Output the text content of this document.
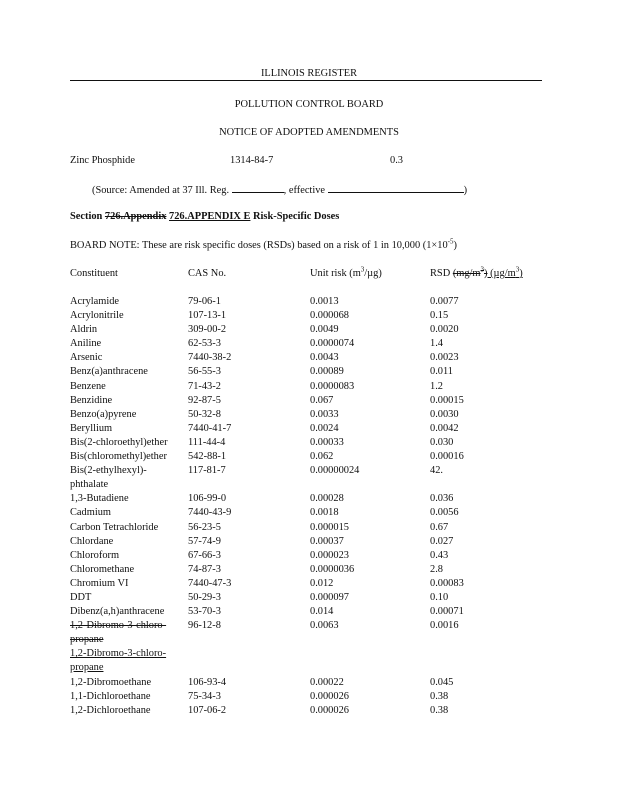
ILLINOIS REGISTER
POLLUTION CONTROL BOARD
NOTICE OF ADOPTED AMENDMENTS
Zinc Phosphide	1314-84-7	0.3
(Source: Amended at 37 Ill. Reg.	, effective	)
Section 726.Appendix 726.APPENDIX E Risk-Specific Doses
BOARD NOTE: These are risk specific doses (RSDs) based on a risk of 1 in 10,000 $(1\times 10^{-5})$
Constituent	CAS No.	Unit risk $(m^3/\mu g)$	RSD $(mg/m^3)$ $(\mu g/m^3)$
Acrylamide	79-06-1	0.0013	0.0077
Acrylonitrile	107-13-1	0.000068	0.15
Aldrin	309-00-2	0.0049	0.0020
Aniline	62-53-3	0.0000074	1.4
Arsenic	7440-38-2	0.0043	0.0023
Benz(a)anthracene	56-55-3	0.00089	0.011
Benzene	71-43-2	0.0000083	1.2
Benzidine	92-87-5	0.067	0.00015
Benzo(a)pyrene	50-32-8	0.0033	0.0030
Beryllium	7440-41-7	0.0024	0.0042
Bis(2-chloroethyl)ether	111-44-4	0.00033	0.030
Bis(chloromethyl)ether	542-88-1	0.062	0.00016
Bis(2-ethylhexyl)-	117-81-7	0.00000024	42.
phthalate			
1,3-Butadiene	106-99-0	0.00028	0.036
Cadmium	7440-43-9	0.0018	0.0056
Carbon Tetrachloride	56-23-5	0.000015	0.67
Chlordane	57-74-9	0.00037	0.027
Chloroform	67-66-3	0.000023	0.43
Chloromethane	74-87-3	0.0000036	2.8
Chromium VI	7440-47-3	0.012	0.00083
DDT	50-29-3	0.000097	0.10
Dibenz(a,h)anthracene	53-70-3	0.014	0.00071
1,2-Dibromo-3-chloro-	96-12-8	0.0063	0.0016
propane			
1,2-Dibromo-3-chloro-			
propane			
1,2-Dibromoethane	106-93-4	0.00022	0.045
1,1-Dichloroethane	75-34-3	0.000026	0.38
1,2-Dichloroethane	107-06-2	0.000026	0.38
